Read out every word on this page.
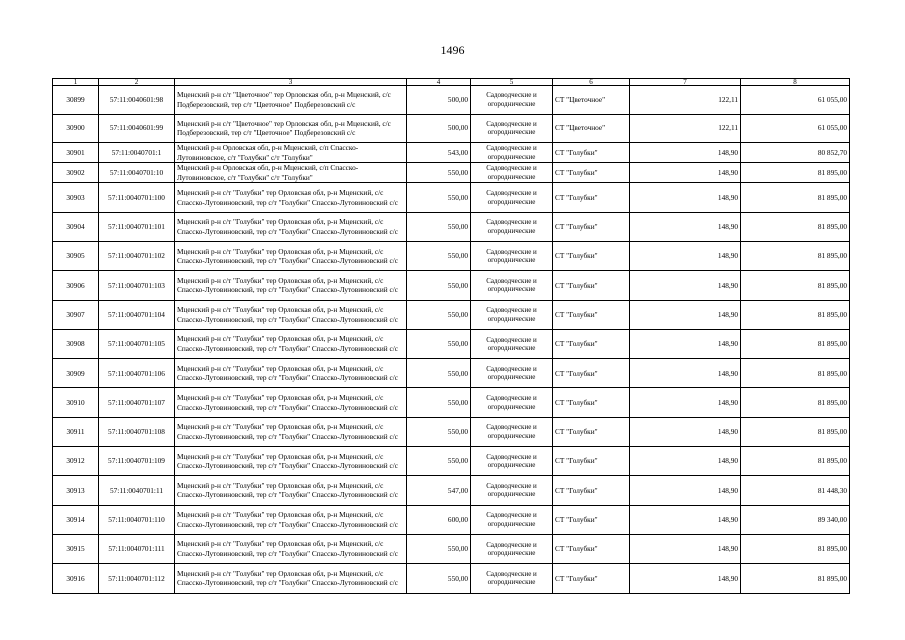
1496
1	2	3	4	5	6	7	8
30899	57:11:0040601:98	Мценский р-н с/т "Цветочное" тер Орловская обл, р-н Мценский, с/с Подберезовский, тер с/т "Цветочное" Подберезовский с/с	500,00	Садоводческие и огороднические	СТ "Цветочное"	122,11	61 055,00
30900	57:11:0040601:99	Мценский р-н с/т "Цветочное" тер Орловская обл, р-н Мценский, с/с Подберезовский, тер с/т "Цветочное" Подберезовский с/с	500,00	Садоводческие и огороднические	СТ "Цветочное"	122,11	61 055,00
30901	57:11:0040701:1	Мценский р-н Орловская обл, р-н Мценский, с/п Спасско-Лутовиновское, с/т "Голубки" с/т "Голубки"	543,00	Садоводческие и огороднические	СТ "Голубки"	148,90	80 852,70
30902	57:11:0040701:10	Мценский р-н Орловская обл, р-н Мценский, с/п Спасско-Лутовиновское, с/т "Голубки" с/т "Голубки"	550,00	Садоводческие и огороднические	СТ "Голубки"	148,90	81 895,00
30903	57:11:0040701:100	Мценский р-н с/т "Голубки" тер Орловская обл, р-н Мценский, с/с Спасско-Лутовиновский, тер с/т "Голубки" Спасско-Лутовиновский с/с	550,00	Садоводческие и огороднические	СТ "Голубки"	148,90	81 895,00
30904	57:11:0040701:101	Мценский р-н с/т "Голубки" тер Орловская обл, р-н Мценский, с/с Спасско-Лутовиновский, тер с/т "Голубки" Спасско-Лутовиновский с/с	550,00	Садоводческие и огороднические	СТ "Голубки"	148,90	81 895,00
30905	57:11:0040701:102	Мценский р-н с/т "Голубки" тер Орловская обл, р-н Мценский, с/с Спасско-Лутовиновский, тер с/т "Голубки" Спасско-Лутовиновский с/с	550,00	Садоводческие и огороднические	СТ "Голубки"	148,90	81 895,00
30906	57:11:0040701:103	Мценский р-н с/т "Голубки" тер Орловская обл, р-н Мценский, с/с Спасско-Лутовиновский, тер с/т "Голубки" Спасско-Лутовиновский с/с	550,00	Садоводческие и огороднические	СТ "Голубки"	148,90	81 895,00
30907	57:11:0040701:104	Мценский р-н с/т "Голубки" тер Орловская обл, р-н Мценский, с/с Спасско-Лутовиновский, тер с/т "Голубки" Спасско-Лутовиновский с/с	550,00	Садоводческие и огороднические	СТ "Голубки"	148,90	81 895,00
30908	57:11:0040701:105	Мценский р-н с/т "Голубки" тер Орловская обл, р-н Мценский, с/с Спасско-Лутовиновский, тер с/т "Голубки" Спасско-Лутовиновский с/с	550,00	Садоводческие и огороднические	СТ "Голубки"	148,90	81 895,00
30909	57:11:0040701:106	Мценский р-н с/т "Голубки" тер Орловская обл, р-н Мценский, с/с Спасско-Лутовиновский, тер с/т "Голубки" Спасско-Лутовиновский с/с	550,00	Садоводческие и огороднические	СТ "Голубки"	148,90	81 895,00
30910	57:11:0040701:107	Мценский р-н с/т "Голубки" тер Орловская обл, р-н Мценский, с/с Спасско-Лутовиновский, тер с/т "Голубки" Спасско-Лутовиновский с/с	550,00	Садоводческие и огороднические	СТ "Голубки"	148,90	81 895,00
30911	57:11:0040701:108	Мценский р-н с/т "Голубки" тер Орловская обл, р-н Мценский, с/с Спасско-Лутовиновский, тер с/т "Голубки" Спасско-Лутовиновский с/с	550,00	Садоводческие и огороднические	СТ "Голубки"	148,90	81 895,00
30912	57:11:0040701:109	Мценский р-н с/т "Голубки" тер Орловская обл, р-н Мценский, с/с Спасско-Лутовиновский, тер с/т "Голубки" Спасско-Лутовиновский с/с	550,00	Садоводческие и огороднические	СТ "Голубки"	148,90	81 895,00
30913	57:11:0040701:11	Мценский р-н с/т "Голубки" тер Орловская обл, р-н Мценский, с/с Спасско-Лутовиновский, тер с/т "Голубки" Спасско-Лутовиновский с/с	547,00	Садоводческие и огороднические	СТ "Голубки"	148,90	81 448,30
30914	57:11:0040701:110	Мценский р-н с/т "Голубки" тер Орловская обл, р-н Мценский, с/с Спасско-Лутовиновский, тер с/т "Голубки" Спасско-Лутовиновский с/с	600,00	Садоводческие и огороднические	СТ "Голубки"	148,90	89 340,00
30915	57:11:0040701:111	Мценский р-н с/т "Голубки" тер Орловская обл, р-н Мценский, с/с Спасско-Лутовиновский, тер с/т "Голубки" Спасско-Лутовиновский с/с	550,00	Садоводческие и огороднические	СТ "Голубки"	148,90	81 895,00
30916	57:11:0040701:112	Мценский р-н с/т "Голубки" тер Орловская обл, р-н Мценский, с/с Спасско-Лутовиновский, тер с/т "Голубки" Спасско-Лутовиновский с/с	550,00	Садоводческие и огороднические	СТ "Голубки"	148,90	81 895,00
